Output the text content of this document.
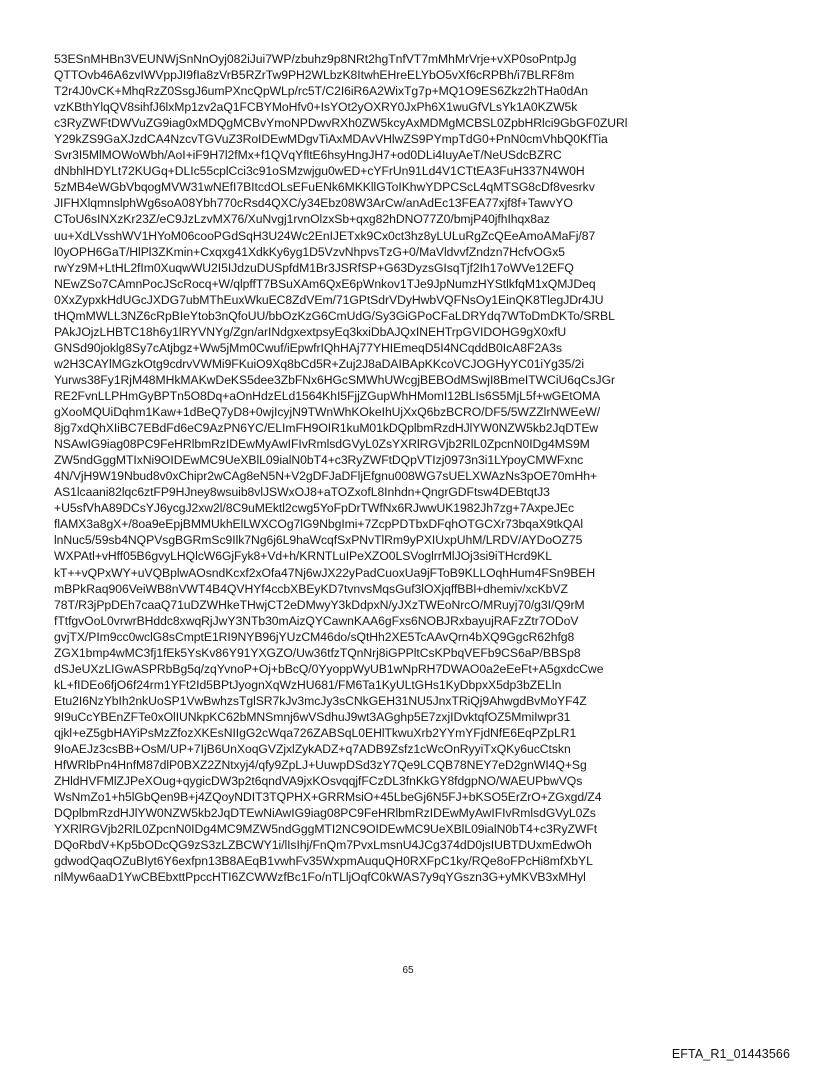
53ESnMHBn3VEUNWjSnNnOyj082iJui7WP/zbuhz9p8NRt2hgTnfVT7mMhMrVrje+vXP0soPntpJg
QTTOvb46A6zvIWVppJI9fIa8zVrB5RZrTw9PH2WLbzK8ItwhEHreELYbO5vXf6cRPBh/i7BLRF8m
T2r4J0vCK+MhqRzZ0SsgJ6umPXncQpWLp/rc5T/C2I6iR6A2WixTg7p+MQ1O9ES6Zkz2hTHa0dAn
vzKBthYlqQV8sihfJ6lxMp1zv2aQ1FCBYMoHfv0+IsYOt2yOXRY0JxPh6X1wuGfVLsYk1A0KZW5k
c3RyZWFtDWVuZG9iag0xMDQgMCBvYmoNPDwvRXh0ZW5kcyAxMDMgMCBSL0ZpbHRlci9GbGF0ZURl
Y29kZS9GaXJzdCA4NzcvTGVuZ3RoIDEwMDgvTiAxMDAvVHlwZS9PYmpTdG0+PnN0cmVhbQ0KfTia
Svr3I5MlMOWoWbh/AoI+iF9H7l2fMx+f1QVqYfltE6hsyHngJH7+od0DLi4IuyAeT/NeUSdcBZRC
dNbhlHDYLt72KUGq+DLIc55cplCci3c91oSMzwjgu0wED+cYFrUn91Ld4V1CTtEA3FuH337N4W0H
5zMB4eWGbVbqogMVW31wNEfI7BItcdOLsEFuENk6MKKllGToIKhwYDPCScL4qMTSG8cDf8vesrkv
JIFHXlqmnslphWg6soA08Ybh770cRsd4QXC/y34Ebz08W3ArCw/anAdEc13FEA77xjf8f+TawvYO
CToU6sINXzKr23Z/eC9JzLzvMX76/XuNvgj1rvnOlzxSb+qxg82hDNO77Z0/bmjP40jfhIhqx8az
uu+XdLVsshWV1HYoM06cooPGdSqH3U24Wc2EnIJETxk9Cx0ct3hz8yLULuRgZcQEeAmoAMaFj/87
l0yOPH6GaT/HlPl3ZKmin+Cxqxg41XdkKy6yg1D5VzvNhpvsTzG+0/MaVldvvfZndzn7HcfvOGx5
rwYz9M+LtHL2fIm0XuqwWU2I5IJdzuDUSpfdM1Br3JSRfSP+G63DyzsGIsqTjf2Ih17oWVe12EFQ
NEwZSo7CAmnPocJScRocq+W/qlpffT7BSuXAm6QxE6pWnkov1TJe9JpNumzHYStlkfqM1xQMJDeq
0XxZypxkHdUGcJXDG7ubMThEuxWkuEC8ZdVEm/71GPtSdrVDyHwbVQFNsOy1EinQK8TlegJDr4JU
tHQmMWLL3NZ6cRpBIeYtob3nQfoUU/bbOzKzG6CmUdG/Sy3GiGPoCFaLDRYdq7WToDmDKTo/SRBL
PAkJOjzLHBTC18h6y1lRYVNYg/Zgn/arINdgxextpsyEq3kxiDbAJQxINEHTrpGVIDOHG9gX0xfU
GNSd90joklg8Sy7cAtjbgz+Ww5jMm0Cwuf/iEpwfrIQhHAj77YHIEmeqD5I4NCqddB0IcA8F2A3s
w2H3CAYlMGzkOtg9cdrvVWMi9FKuiO9Xq8bCd5R+Zuj2J8aDAIBApKKcoVCJOGHyYC01iYg35/2i
Yurws38Fy1RjM48MHkMAKwDeKS5dee3ZbFNx6HGcSMWhUWcgjBEBOdMSwjI8BmeITWCiU6qCsJGr
RE2FvnLLPHmGyBPTn5O8Dq+aOnHdzELd1564KhI5FjjZGupWhHMomI12BLIs6S5MjL5f+wGEtOMA
gXooMQUiDqhm1Kaw+1dBeQ7yD8+0wjIcyjN9TWnWhKOkeIhUjXxQ6bzBCRO/DF5/5WZZlrNWEeW/
8jg7xdQhXIiBC7EBdFd6eC9AzPN6YC/ELImFH9OIR1kuM01kDQplbmRzdHJlYW0NZW5kb2JqDTEw
NSAwIG9iag08PC9FeHRlbmRzIDEwMyAwIFIvRmlsdGVyL0ZsYXRlRGVjb2RlL0ZpcnN0IDg4MS9M
ZW5ndGggMTIxNi9OIDEwMC9UeXBlL09ialN0bT4+c3RyZWFtDQpVTIzj0973n3i1LYpoyCMWFxnc
4N/VjH9W19Nbud8v0xChipr2wCAg8eN5N+V2gDFJaDFljEfgnu008WG7sUELXWAzNs3pOE70mHh+
AS1lcaani82lqc6ztFP9HJney8wsuib8vlJSWxOJ8+aTOZxofL8Inhdn+QngrGDFtsw4DEBtqtJ3
+U5sfVhA89DCsYJ6ycgJ2xw2l/8C9uMEktl2cwg5YoFpDrTWfNx6RJwwUK1982Jh7zg+7AxpeJEc
flAMX3a8gX+/8oa9eEpjBMMUkhElLWXCOg7lG9NbgImi+7ZcpPDTbxDFqhOTGCXr73bqaX9tkQAl
lnNuc5/59sb4NQPVsgBGRmSc9Ilk7Ng6j6L9haWcqfSxPNvTlRm9yPXIUxpUhM/LRDV/AYDoOZ75
WXPAtl+vHff05B6gvyLHQlcW6GjFyk8+Vd+h/KRNTLuIPeXZO0LSVoglrrMlJOj3si9iTHcrd9KL
kT++vQPxWY+uVQBplwAOsndKcxf2xOfa47Nj6wJX22yPadCuoxUa9jFToB9KLLOqhHum4FSn9BEH
mBPkRaq906VeiWB8nVWT4B4QVHYf4ccbXBEyKD7tvnvsMqsGuf3lOXjqffBBl+dhemiv/xcKbVZ
78T/R3jPpDEh7caaQ71uDZWHkeTHwjCT2eDMwyY3kDdpxN/yJXzTWEoNrcO/MRuyj70/g3I/Q9rM
fTtfgvOoL0vrwrBHddc8xwqRjJwY3NTb30mAizQYCawnKAA6gFxs6NOBJRxbayujRAFzZtr7ODoV
gvjTX/PIm9cc0wclG8sCmptE1RI9NYB96jYUzCM46do/sQtHh2XE5TcAAvQrn4bXQ9GgcR62hfg8
ZGX1bmp4wMC3fj1fEk5YsKv86Y91YXGZO/Uw36tfzTQnNrj8iGPPltCsKPbqVEFb9CS6aP/BBSp8
dSJeUXzLIGwASPRbBg5q/zqYvnoP+Oj+bBcQ/0YyoppWyUB1wNpRH7DWAO0a2eEeFt+A5gxdcCwe
kL+fIDEo6fjO6f24rm1YFt2Id5BPtJyognXqWzHU681/FM6Ta1KyULtGHs1KyDbpxX5dp3bZELln
Etu2I6NzYbIh2nkUoSP1VwBwhzsTglSR7kJv3mcJy3sCNkGEH31NU5JnxTRiQj9AhwgdBvMoYF4Z
9I9uCcYBEnZFTe0xOlIUNkpKC62bMNSmnj6wVSdhuJ9wt3AGghp5E7zxjIDvktqfOZ5MmiIwpr31
qjkl+eZ5gbHAYiPsMzZfozXKEsNIIgG2cWqa726ZABSqL0EHlTkwuXrb2YYmYFjdNfE6EqPZpLR1
9IoAEJz3csBB+OsM/UP+7IjB6UnXoqGVZjxlZykADZ+q7ADB9Zsfz1cWcOnRyyiTxQKy6ucCtskn
HfWRlbPn4HnfM87dlP0BXZ2ZNtxyj4/qfy9ZpLJ+UuwpDSd3zY7Qe9LCQB78NEY7eD2gnWI4Q+Sg
ZHldHVFMlZJPeXOug+qygicDW3p2t6qndVA9jxKOsvqqjfFCzDL3fnKkGY8fdgpNO/WAEUPbwVQs
WsNmZo1+h5lGbQen9B+j4ZQoyNDIT3TQPHX+GRRMsiO+45LbeGj6N5FJ+bKSO5ErZrO+ZGxgd/Z4
DQplbmRzdHJlYW0NZW5kb2JqDTEwNiAwIG9iag08PC9FeHRlbmRzIDEwMyAwIFIvRmlsdGVyL0Zs
YXRlRGVjb2RlL0ZpcnN0IDg4MC9MZW5ndGggMTI2NC9OIDEwMC9UeXBlL09ialN0bT4+c3RyZWFt
DQoRbdV+Kp5bODcQG9zS3zLZBCWY1i/lIsIhj/FnQm7PvxLmsnU4JCg374dD0jsIUBTDUxmEdwOh
gdwodQaqOZuBIyt6Y6exfpn13B8AEqB1vwhFv35WxpmAuquQH0RXFpC1ky/RQe8oFPcHi8mfXbYL
nlMyw6aaD1YwCBEbxttPpccHTI6ZCWWzfBc1Fo/nTLljOqfC0kWAS7y9qYGszn3G+yMKVB3xMHyl
65
EFTA_R1_01443566
